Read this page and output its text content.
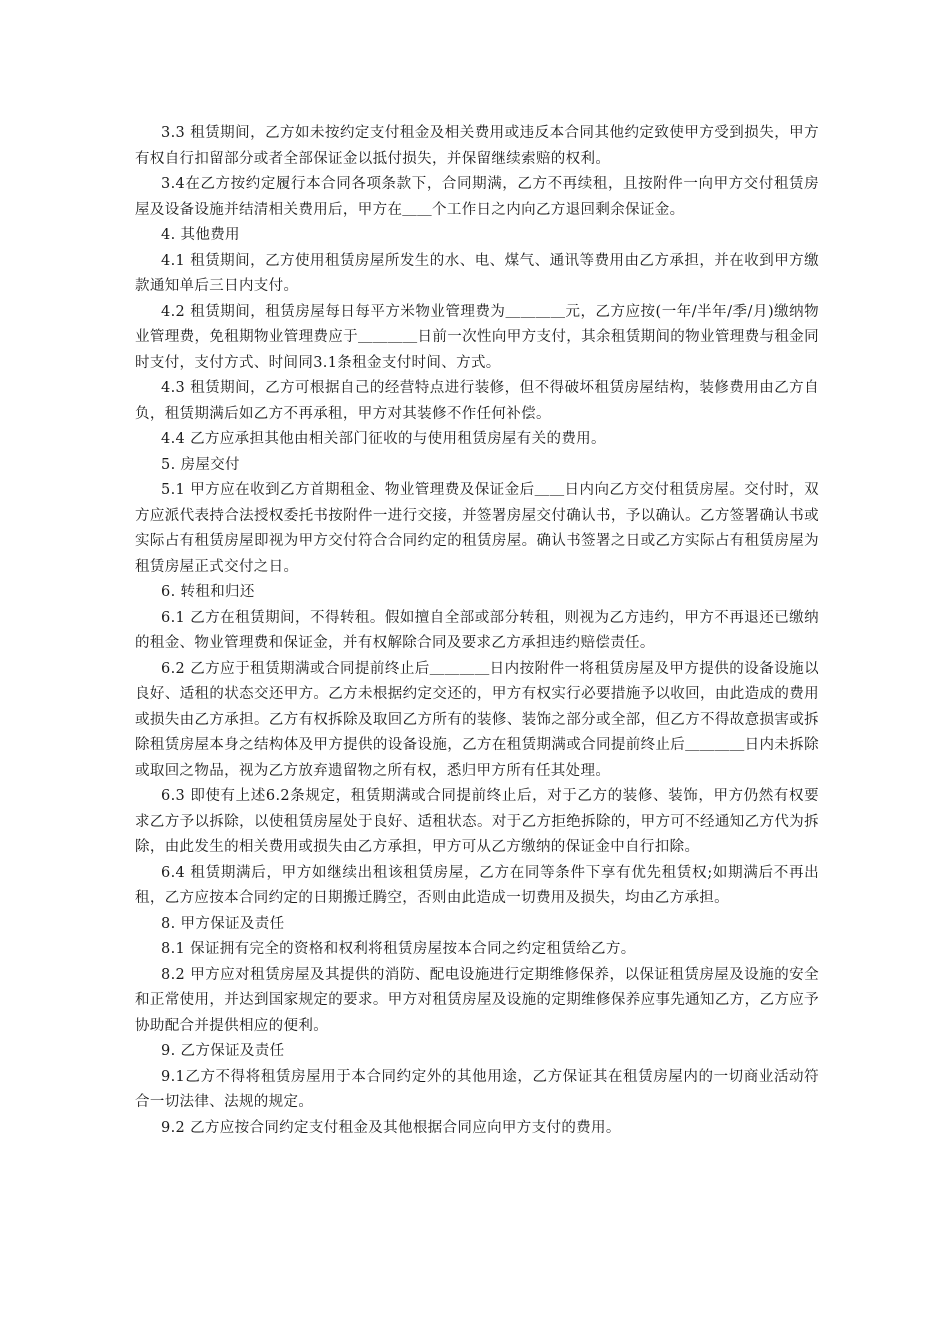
3.3 租赁期间，乙方如未按约定支付租金及相关费用或违反本合同其他约定致使甲方受到损失，甲方有权自行扣留部分或者全部保证金以抵付损失，并保留继续索赔的权利。

3.4在乙方按约定履行本合同各项条款下，合同期满，乙方不再续租，且按附件一向甲方交付租赁房屋及设备设施并结清相关费用后，甲方在＿＿个工作日之内向乙方退回剩余保证金。

4. 其他费用

4.1 租赁期间，乙方使用租赁房屋所发生的水、电、煤气、通讯等费用由乙方承担，并在收到甲方缴款通知单后三日内支付。

4.2 租赁期间，租赁房屋每日每平方米物业管理费为＿＿＿＿元，乙方应按(一年/半年/季/月)缴纳物业管理费，免租期物业管理费应于＿＿＿＿日前一次性向甲方支付，其余租赁期间的物业管理费与租金同时支付，支付方式、时间同3.1条租金支付时间、方式。

4.3 租赁期间，乙方可根据自己的经营特点进行装修，但不得破坏租赁房屋结构，装修费用由乙方自负，租赁期满后如乙方不再承租，甲方对其装修不作任何补偿。

4.4 乙方应承担其他由相关部门征收的与使用租赁房屋有关的费用。

5. 房屋交付

5.1 甲方应在收到乙方首期租金、物业管理费及保证金后＿＿日内向乙方交付租赁房屋。交付时，双方应派代表持合法授权委托书按附件一进行交接，并签署房屋交付确认书，予以确认。乙方签署确认书或实际占有租赁房屋即视为甲方交付符合合同约定的租赁房屋。确认书签署之日或乙方实际占有租赁房屋为租赁房屋正式交付之日。

6. 转租和归还

6.1 乙方在租赁期间，不得转租。假如擅自全部或部分转租，则视为乙方违约，甲方不再退还已缴纳的租金、物业管理费和保证金，并有权解除合同及要求乙方承担违约赔偿责任。

6.2 乙方应于租赁期满或合同提前终止后＿＿＿＿日内按附件一将租赁房屋及甲方提供的设备设施以良好、适租的状态交还甲方。乙方未根据约定交还的，甲方有权实行必要措施予以收回，由此造成的费用或损失由乙方承担。乙方有权拆除及取回乙方所有的装修、装饰之部分或全部，但乙方不得故意损害或拆除租赁房屋本身之结构体及甲方提供的设备设施，乙方在租赁期满或合同提前终止后＿＿＿＿日内未拆除或取回之物品，视为乙方放弃遗留物之所有权，悉归甲方所有任其处理。

6.3 即使有上述6.2条规定，租赁期满或合同提前终止后，对于乙方的装修、装饰，甲方仍然有权要求乙方予以拆除，以使租赁房屋处于良好、适租状态。对于乙方拒绝拆除的，甲方可不经通知乙方代为拆除，由此发生的相关费用或损失由乙方承担，甲方可从乙方缴纳的保证金中自行扣除。

6.4 租赁期满后，甲方如继续出租该租赁房屋，乙方在同等条件下享有优先租赁权;如期满后不再出租，乙方应按本合同约定的日期搬迁腾空，否则由此造成一切费用及损失，均由乙方承担。

8. 甲方保证及责任

8.1 保证拥有完全的资格和权利将租赁房屋按本合同之约定租赁给乙方。

8.2 甲方应对租赁房屋及其提供的消防、配电设施进行定期维修保养，以保证租赁房屋及设施的安全和正常使用，并达到国家规定的要求。甲方对租赁房屋及设施的定期维修保养应事先通知乙方，乙方应予协助配合并提供相应的便利。

9. 乙方保证及责任

9.1乙方不得将租赁房屋用于本合同约定外的其他用途，乙方保证其在租赁房屋内的一切商业活动符合一切法律、法规的规定。

9.2 乙方应按合同约定支付租金及其他根据合同应向甲方支付的费用。
